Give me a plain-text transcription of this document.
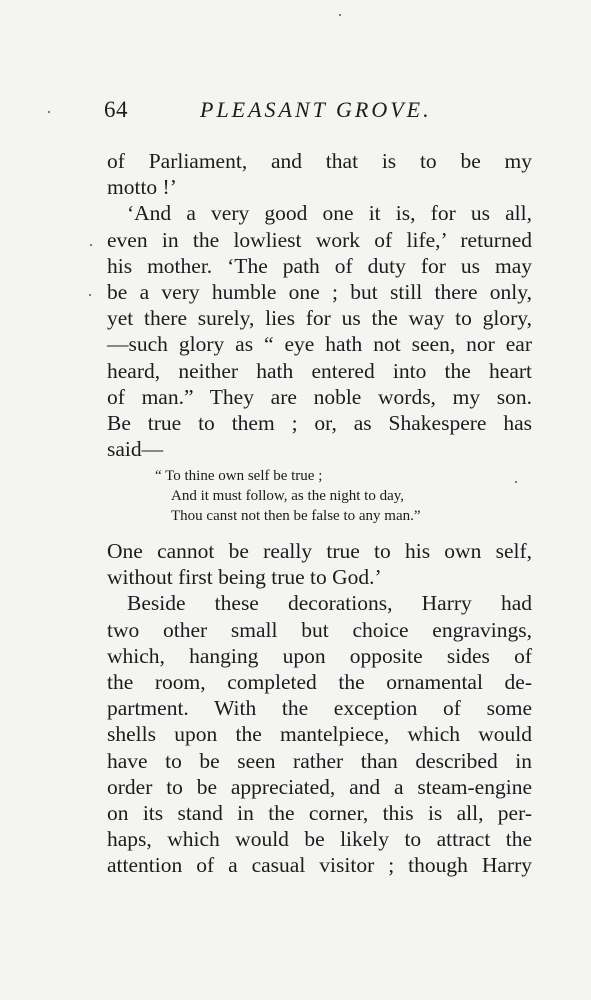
64	PLEASANT GROVE.
of Parliament, and that is to be my
motto !’
‘And a very good one it is, for us all,
even in the lowliest work of life,’ returned
his mother. ‘The path of duty for us may
be a very humble one ; but still there only,
yet there surely, lies for us the way to glory,
—such glory as “ eye hath not seen, nor ear
heard, neither hath entered into the heart
of man.” They are noble words, my son.
Be true to them ; or, as Shakespere has
said—
“ To thine own self be true ;
And it must follow, as the night to day,
Thou canst not then be false to any man.”
One cannot be really true to his own self,
without first being true to God.’
Beside these decorations, Harry had
two other small but choice engravings,
which, hanging upon opposite sides of
the room, completed the ornamental de-
partment. With the exception of some
shells upon the mantelpiece, which would
have to be seen rather than described in
order to be appreciated, and a steam-engine
on its stand in the corner, this is all, per-
haps, which would be likely to attract the
attention of a casual visitor ; though Harry
